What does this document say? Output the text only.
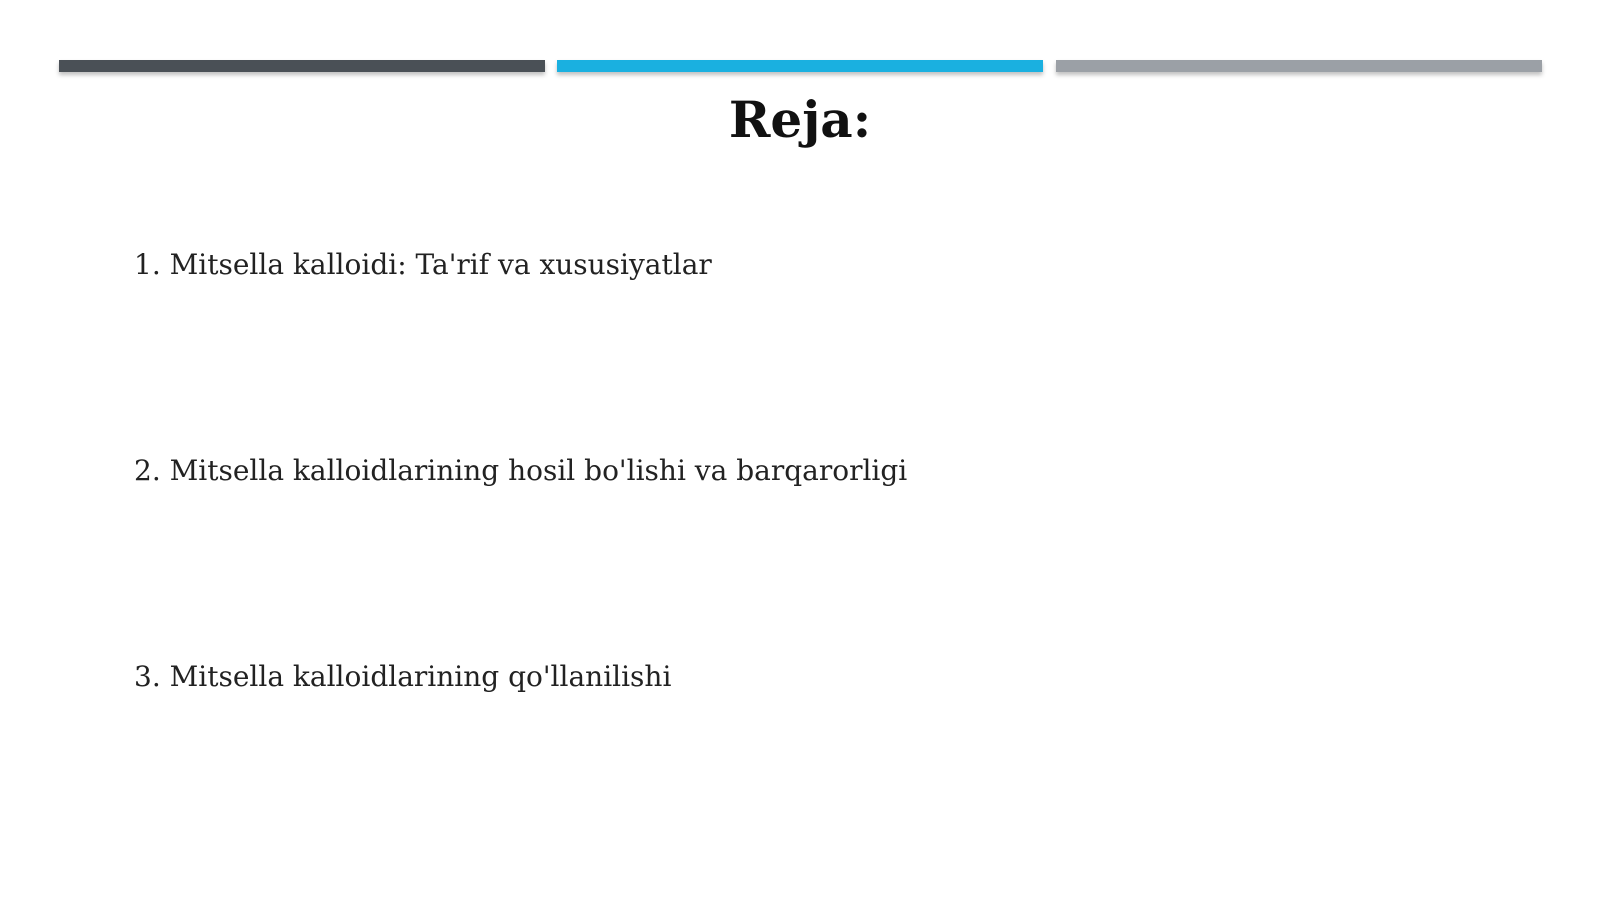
Reja:
1. Mitsella kalloidi: Ta'rif va xususiyatlar
2. Mitsella kalloidlarining hosil bo'lishi va barqarorligi
3. Mitsella kalloidlarining qo'llanilishi
